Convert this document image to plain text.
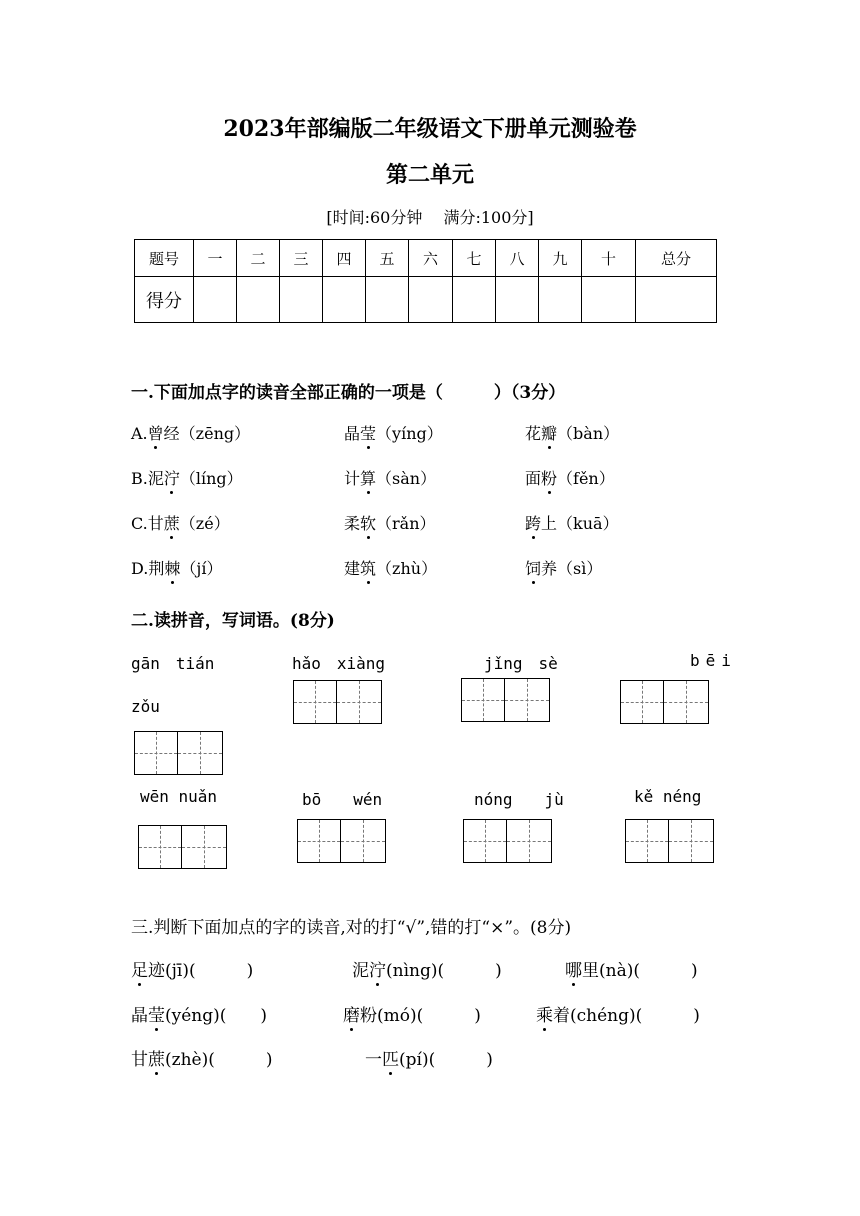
2023年部编版二年级语文下册单元测验卷
第二单元
[时间:60分钟　 满分:100分]
题号	一	二	三	四	五	六	七	八	九	十	总分
得分											
一.下面加点字的读音全部正确的一项是（　　　）（3分）
A.曾经（zēng）	晶莹（yíng）	花瓣（bàn）
B.泥泞（líng）	计算（sàn）	面粉（fěn）
C.甘蔗（zé）	柔软（rǎn）	跨上（kuā）
D.荆棘（jí）	建筑（zhù）	饲养（sì）
二.读拼音，写词语。(8分)
gān　tián	hǎo　xiàng	jǐng　sè	bēi
zǒu
wēn nuǎn	bō　　wén	nóng　　jù	kě néng
三.判断下面加点的字的读音,对的打“√”,错的打“×”。(8分)
足迹(jī)(　　　)	泥泞(nìng)(　　　)	哪里(nà)(　　　)
晶莹(yéng)(　　)	磨粉(mó)(　　　)	乘着(chéng)(　　　)
甘蔗(zhè)(　　　)	一匹(pí)(　　　)
